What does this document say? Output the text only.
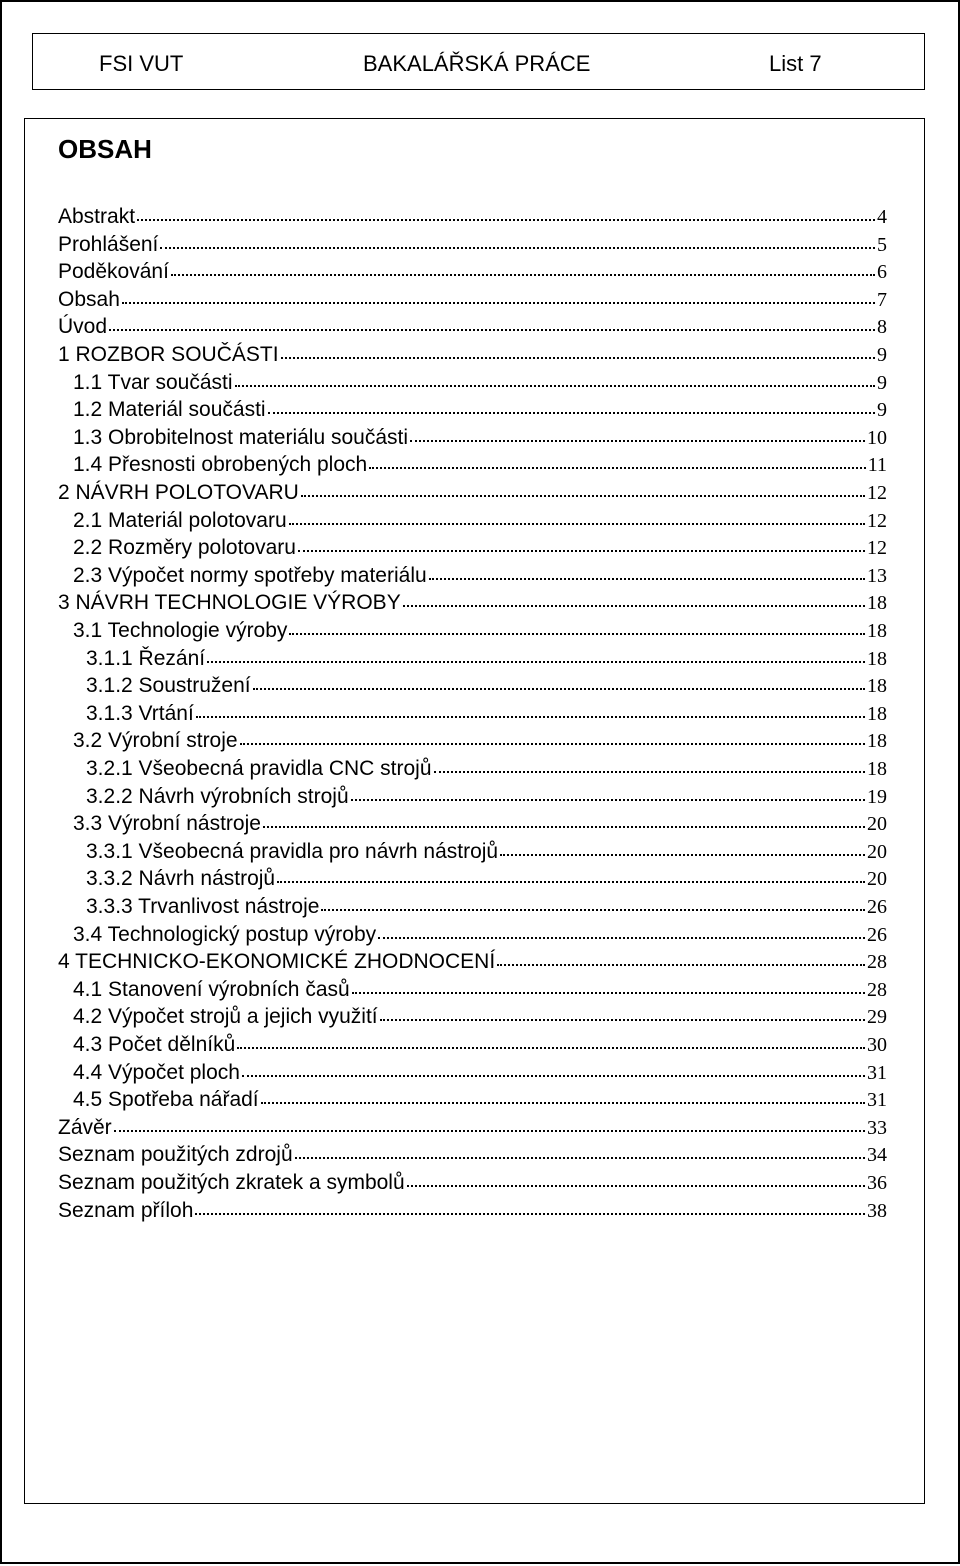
FSI VUT	BAKALÁŘSKÁ PRÁCE	List 7
OBSAH
Abstrakt	4
Prohlášení	5
Poděkování	6
Obsah	7
Úvod	8
1 ROZBOR SOUČÁSTI	9
1.1 Tvar součásti	9
1.2 Materiál součásti	9
1.3 Obrobitelnost materiálu součásti	10
1.4 Přesnosti obrobených ploch	11
2 NÁVRH POLOTOVARU	12
2.1 Materiál polotovaru	12
2.2 Rozměry polotovaru	12
2.3 Výpočet normy spotřeby materiálu	13
3 NÁVRH TECHNOLOGIE VÝROBY	18
3.1 Technologie výroby	18
3.1.1 Řezání	18
3.1.2 Soustružení	18
3.1.3 Vrtání	18
3.2 Výrobní stroje	18
3.2.1 Všeobecná pravidla CNC strojů	18
3.2.2 Návrh výrobních strojů	19
3.3 Výrobní nástroje	20
3.3.1 Všeobecná pravidla pro návrh nástrojů	20
3.3.2 Návrh nástrojů	20
3.3.3 Trvanlivost nástroje	26
3.4 Technologický postup výroby	26
4 TECHNICKO-EKONOMICKÉ ZHODNOCENÍ	28
4.1 Stanovení výrobních časů	28
4.2 Výpočet strojů a jejich využití	29
4.3 Počet dělníků	30
4.4 Výpočet ploch	31
4.5 Spotřeba nářadí	31
Závěr	33
Seznam použitých zdrojů	34
Seznam použitých zkratek a symbolů	36
Seznam příloh	38
